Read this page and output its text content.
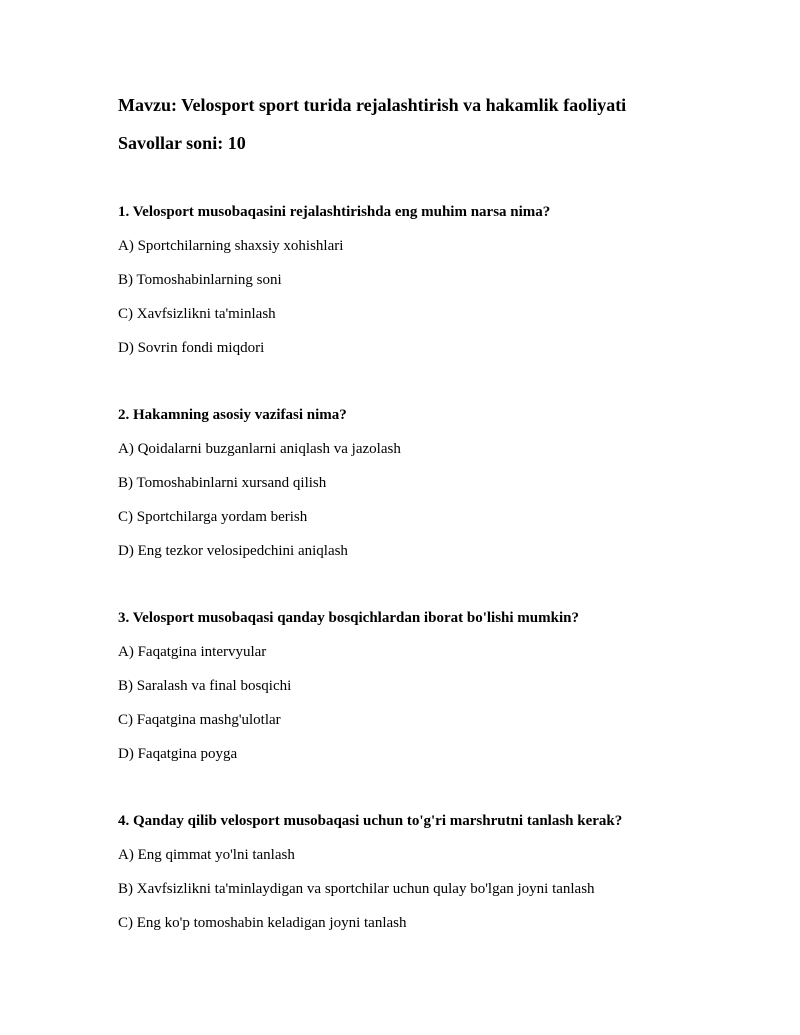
Mavzu: Velosport sport turida rejalashtirish va hakamlik faoliyati
Savollar soni: 10
1. Velosport musobaqasini rejalashtirishda eng muhim narsa nima?
A) Sportchilarning shaxsiy xohishlari
B) Tomoshabinlarning soni
C) Xavfsizlikni ta'minlash
D) Sovrin fondi miqdori
2. Hakamning asosiy vazifasi nima?
A) Qoidalarni buzganlarni aniqlash va jazolash
B) Tomoshabinlarni xursand qilish
C) Sportchilarga yordam berish
D) Eng tezkor velosipedchini aniqlash
3. Velosport musobaqasi qanday bosqichlardan iborat bo'lishi mumkin?
A) Faqatgina intervyular
B) Saralash va final bosqichi
C) Faqatgina mashg'ulotlar
D) Faqatgina poyga
4. Qanday qilib velosport musobaqasi uchun to'g'ri marshrutni tanlash kerak?
A) Eng qimmat yo'lni tanlash
B) Xavfsizlikni ta'minlaydigan va sportchilar uchun qulay bo'lgan joyni tanlash
C) Eng ko'p tomoshabin keladigan joyni tanlash
